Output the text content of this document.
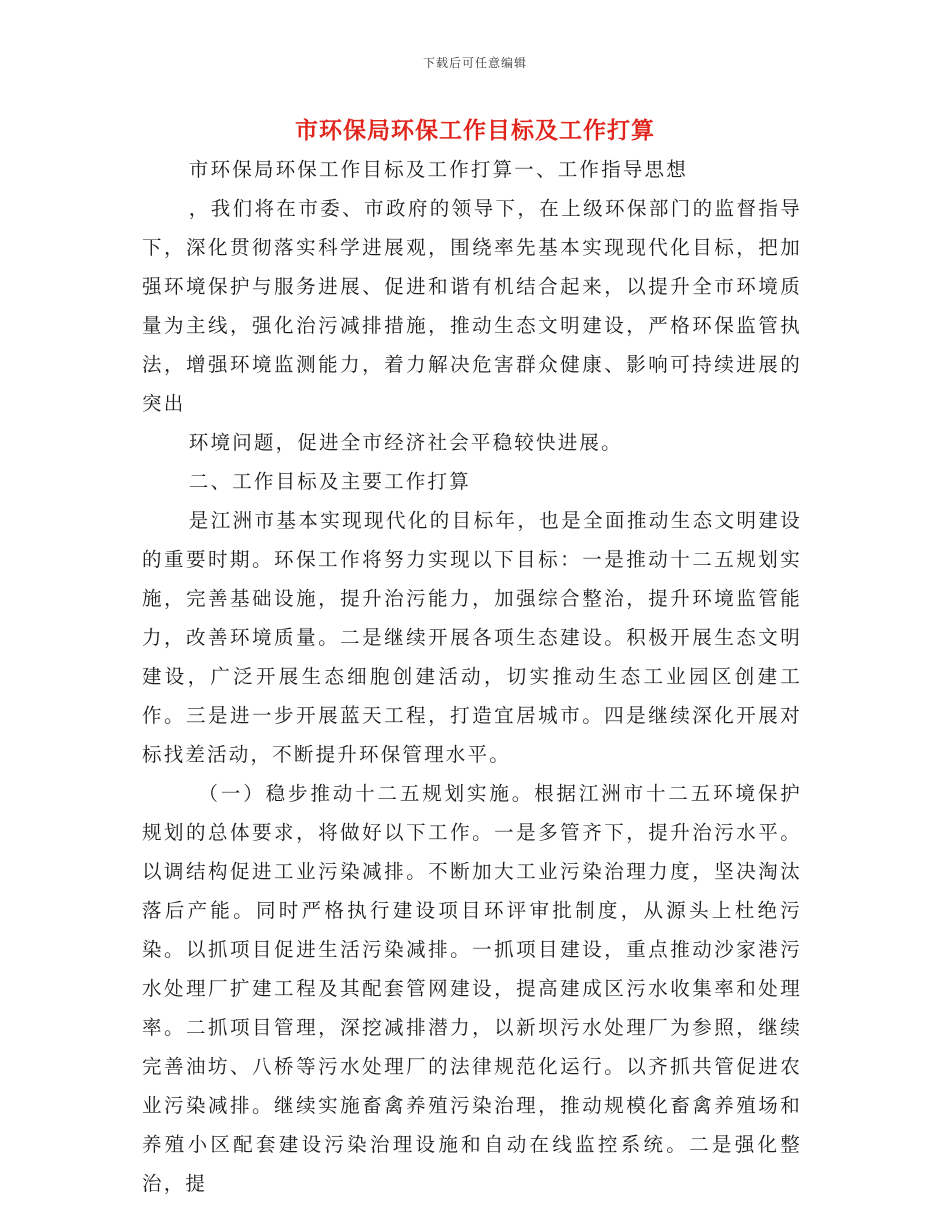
下载后可任意编辑
市环保局环保工作目标及工作打算

市环保局环保工作目标及工作打算一、工作指导思想

，我们将在市委、市政府的领导下，在上级环保部门的监督指导下，深化贯彻落实科学进展观，围绕率先基本实现现代化目标，把加强环境保护与服务进展、促进和谐有机结合起来，以提升全市环境质量为主线，强化治污减排措施，推动生态文明建设，严格环保监管执法，增强环境监测能力，着力解决危害群众健康、影响可持续进展的突出

环境问题，促进全市经济社会平稳较快进展。

二、工作目标及主要工作打算

是江洲市基本实现现代化的目标年，也是全面推动生态文明建设的重要时期。环保工作将努力实现以下目标：一是推动十二五规划实施，完善基础设施，提升治污能力，加强综合整治，提升环境监管能力，改善环境质量。二是继续开展各项生态建设。积极开展生态文明建设，广泛开展生态细胞创建活动，切实推动生态工业园区创建工作。三是进一步开展蓝天工程，打造宜居城市。四是继续深化开展对标找差活动，不断提升环保管理水平。

（一）稳步推动十二五规划实施。根据江洲市十二五环境保护规划的总体要求，将做好以下工作。一是多管齐下，提升治污水平。以调结构促进工业污染减排。不断加大工业污染治理力度，坚决淘汰落后产能。同时严格执行建设项目环评审批制度，从源头上杜绝污染。以抓项目促进生活污染减排。一抓项目建设，重点推动沙家港污水处理厂扩建工程及其配套管网建设，提高建成区污水收集率和处理率。二抓项目管理，深挖减排潜力，以新坝污水处理厂为参照，继续完善油坊、八桥等污水处理厂的法律规范化运行。以齐抓共管促进农业污染减排。继续实施畜禽养殖污染治理，推动规模化畜禽养殖场和养殖小区配套建设污染治理设施和自动在线监控系统。二是强化整治，提
